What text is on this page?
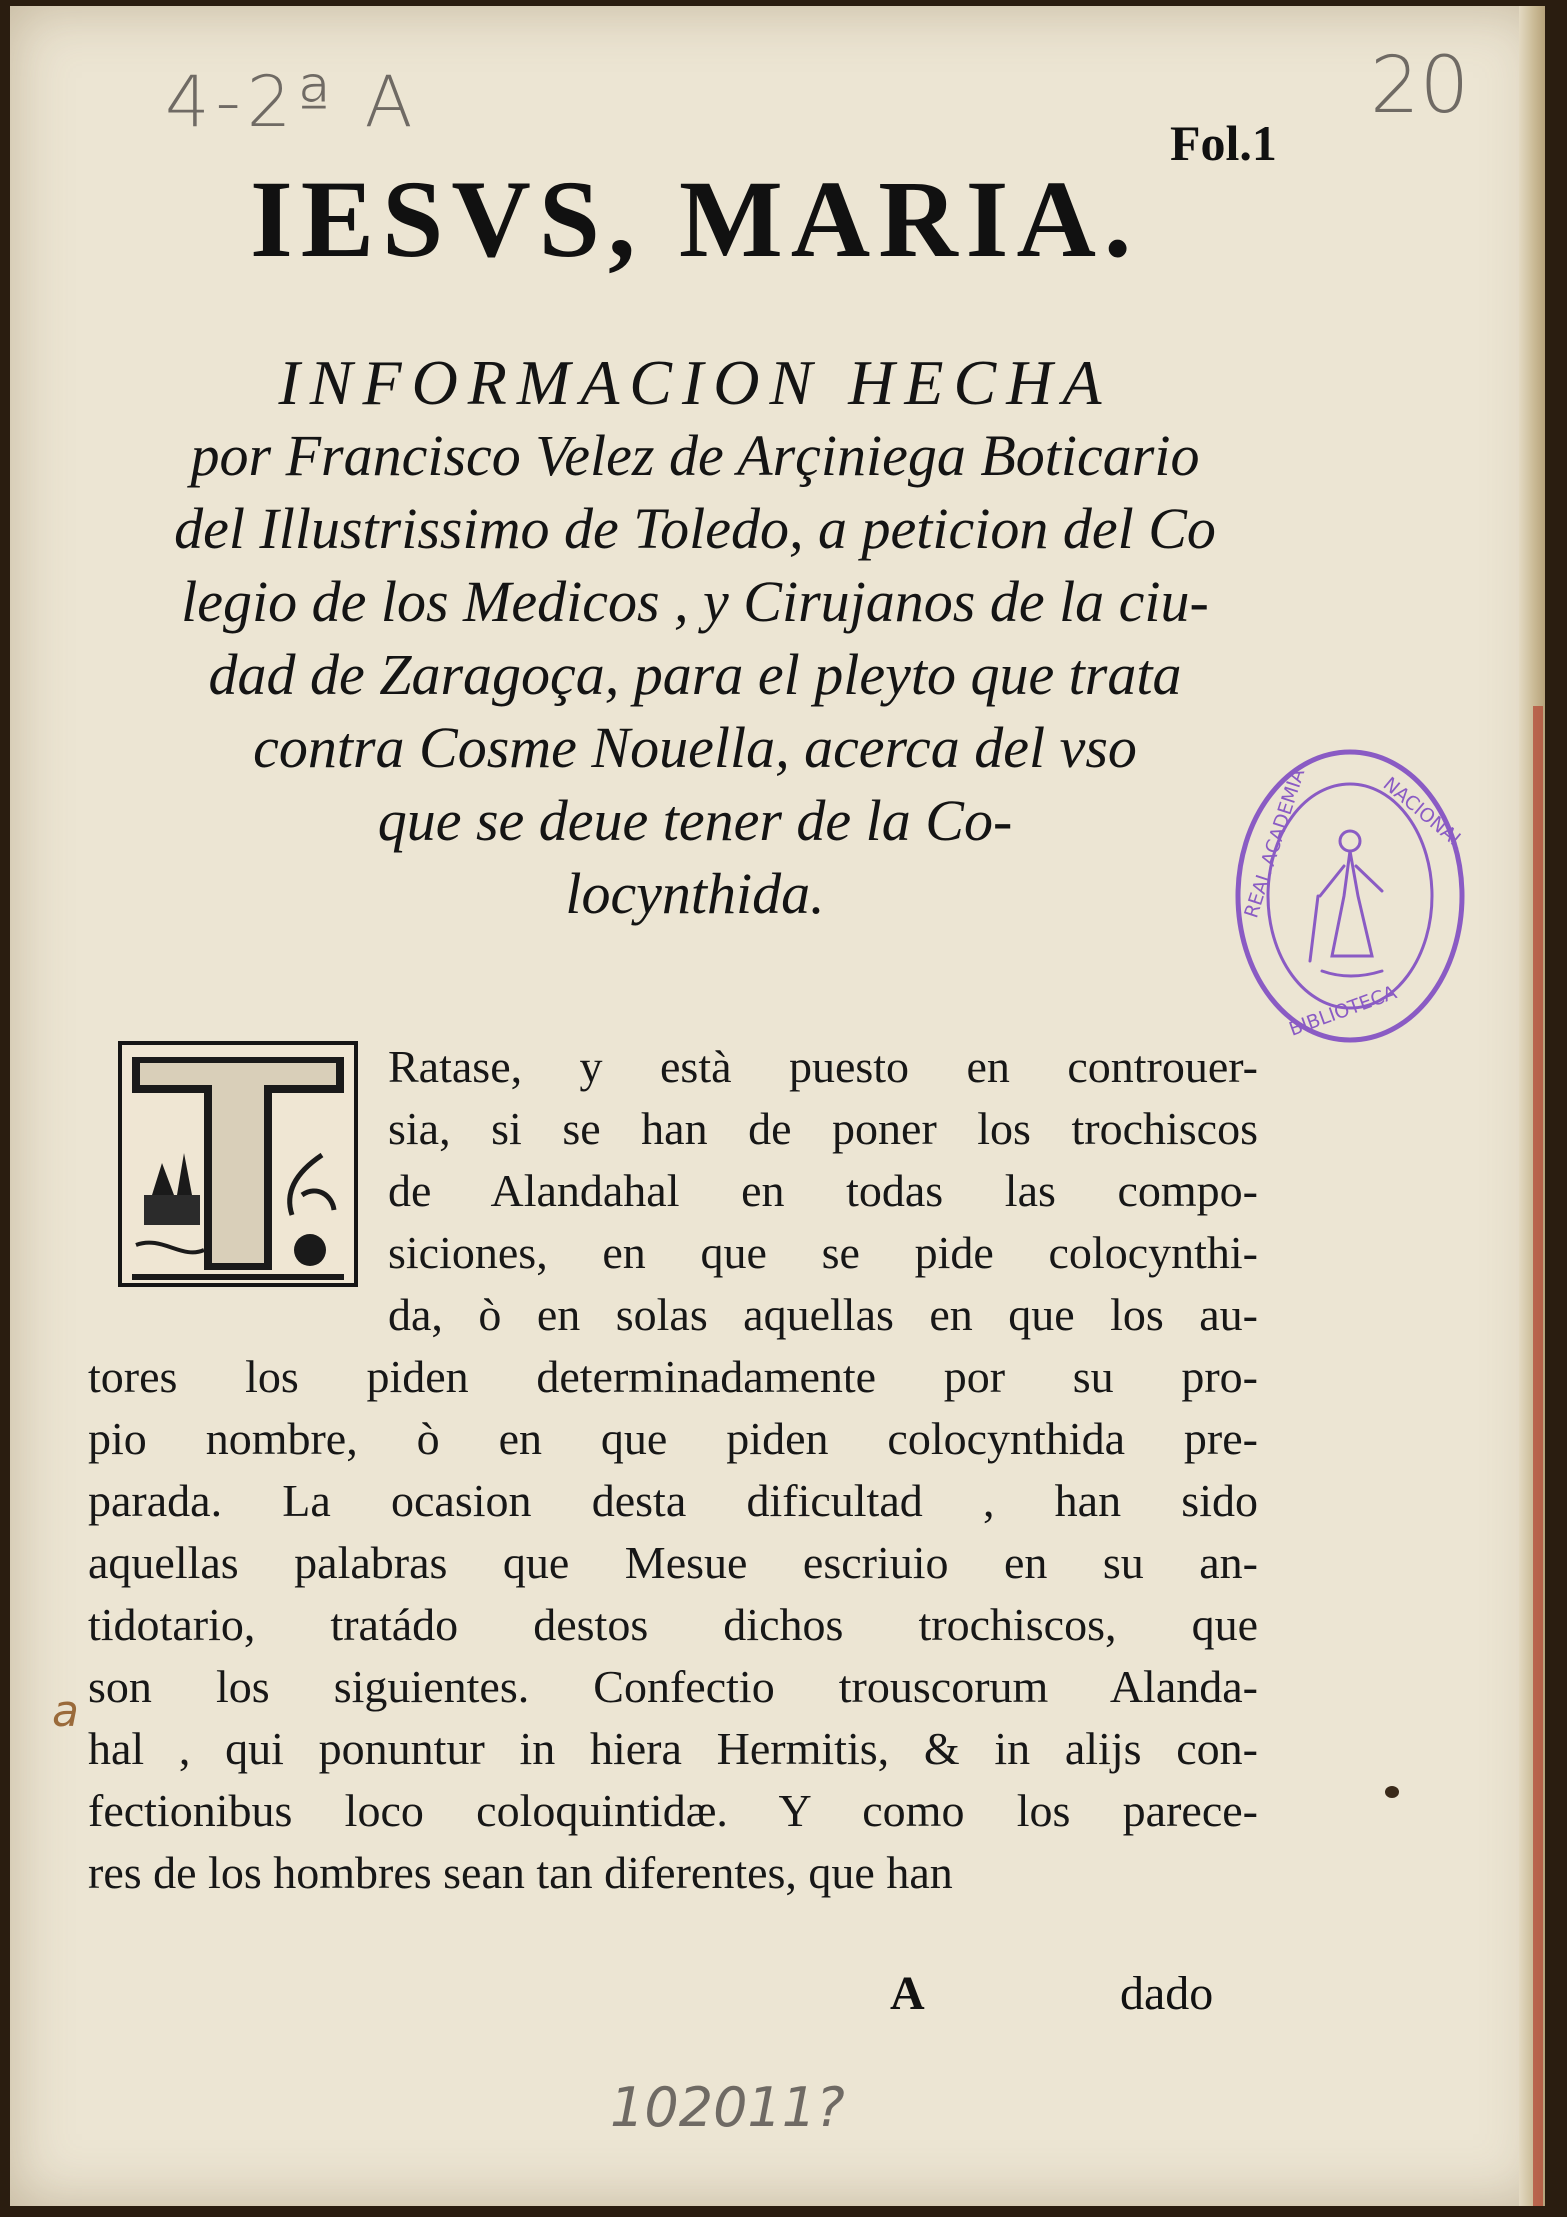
4-2ª A	20
Fol.1
IESVS, MARIA.
INFORMACION HECHA
por Francisco Velez de Arçiniega Boticario
del Illustrissimo de Toledo, a peticion del Co
legio de los Medicos , y Cirujanos de la ciu-
dad de Zaragoça, para el pleyto que trata
contra Cosme Nouella, acerca del vso
que se deue tener de la Co-
locynthida.	REAL ACADEMIA	NACIONAL
BIBLIOTECA
Ratase, y està puesto en controuer-
sia, si se han de poner los trochiscos
de Alandahal en todas las compo-
siciones, en que se pide colocynthi-
da, ò en solas aquellas en que los au-
tores los piden determinadamente por su pro-
pio nombre, ò en que piden colocynthida pre-
parada. La ocasion desta dificultad , han sido
aquellas palabras que Mesue escriuio en su an-
tidotario, tratádo destos dichos trochiscos, que
son los siguientes. Confectio trouscorum Alanda-
hal , qui ponuntur in hiera Hermitis, & in alijs con-
fectionibus loco coloquintidæ. Y como los parece-
res de los hombres sean tan diferentes, que han
a
A	dado
102011?
